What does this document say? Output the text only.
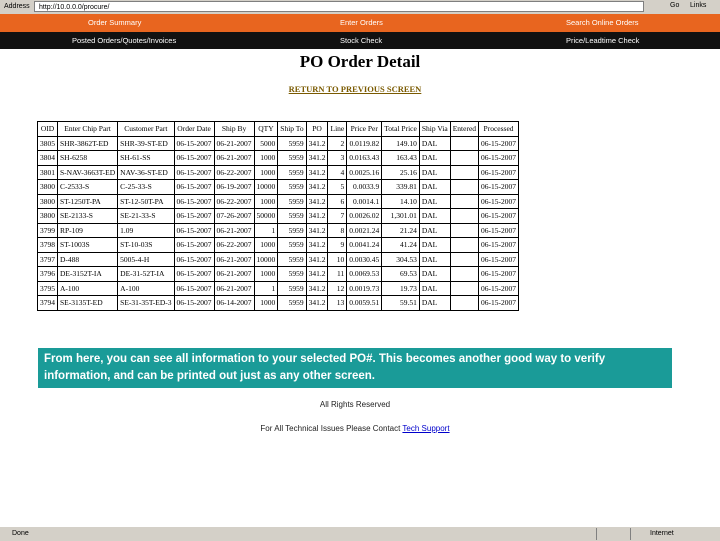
Address	http://10.0.0.0/procure/	Go Links
Order Summary	Enter Orders	Search Online Orders
Posted Orders/Quotes/Invoices	Stock Check	Price/Leadtime Check
PO Order Detail
RETURN TO PREVIOUS SCREEN
OID	Enter Chip Part	Customer Part	Order Date	Ship By	QTY	Ship To	PO	Line	Price Per	Total Price	Ship Via	Entered	Processed
3805	SHR-3862T-ED	SHR-39-ST-ED	06-15-2007	06-21-2007	5000	5959	341.2	2	0.0119.82	149.10	DAL		06-15-2007
3804	SH-6258	SH-61-SS	06-15-2007	06-21-2007	1000	5959	341.2	3	0.0163.43	163.43	DAL		06-15-2007
3801	S-NAV-3663T-ED	NAV-36-ST-ED	06-15-2007	06-22-2007	1000	5959	341.2	4	0.0025.16	25.16	DAL		06-15-2007
3800	C-2533-S	C-25-33-S	06-15-2007	06-19-2007	10000	5959	341.2	5	0.0033.9	339.81	DAL		06-15-2007
3800	ST-1250T-PA	ST-12-50T-PA	06-15-2007	06-22-2007	1000	5959	341.2	6	0.0014.1	14.10	DAL		06-15-2007
3800	SE-2133-S	SE-21-33-S	06-15-2007	07-26-2007	50000	5959	341.2	7	0.0026.02	1,301.01	DAL		06-15-2007
3799	RP-109	1.09	06-15-2007	06-21-2007	1	5959	341.2	8	0.0021.24	21.24	DAL		06-15-2007
3798	ST-1003S	ST-10-03S	06-15-2007	06-22-2007	1000	5959	341.2	9	0.0041.24	41.24	DAL		06-15-2007
3797	D-488	5005-4-H	06-15-2007	06-21-2007	10000	5959	341.2	10	0.0030.45	304.53	DAL		06-15-2007
3796	DE-3152T-IA	DE-31-52T-IA	06-15-2007	06-21-2007	1000	5959	341.2	11	0.0069.53	69.53	DAL		06-15-2007
3795	A-100	A-100	06-15-2007	06-21-2007	1	5959	341.2	12	0.0019.73	19.73	DAL		06-15-2007
3794	SE-3135T-ED	SE-31-35T-ED-3	06-15-2007	06-14-2007	1000	5959	341.2	13	0.0059.51	59.51	DAL		06-15-2007
From here, you can see all information to your selected PO#. This becomes another good way to verify information, and can be printed out just as any other screen.
All Rights Reserved
For All Technical Issues Please Contact Tech Support
Done	Internet
